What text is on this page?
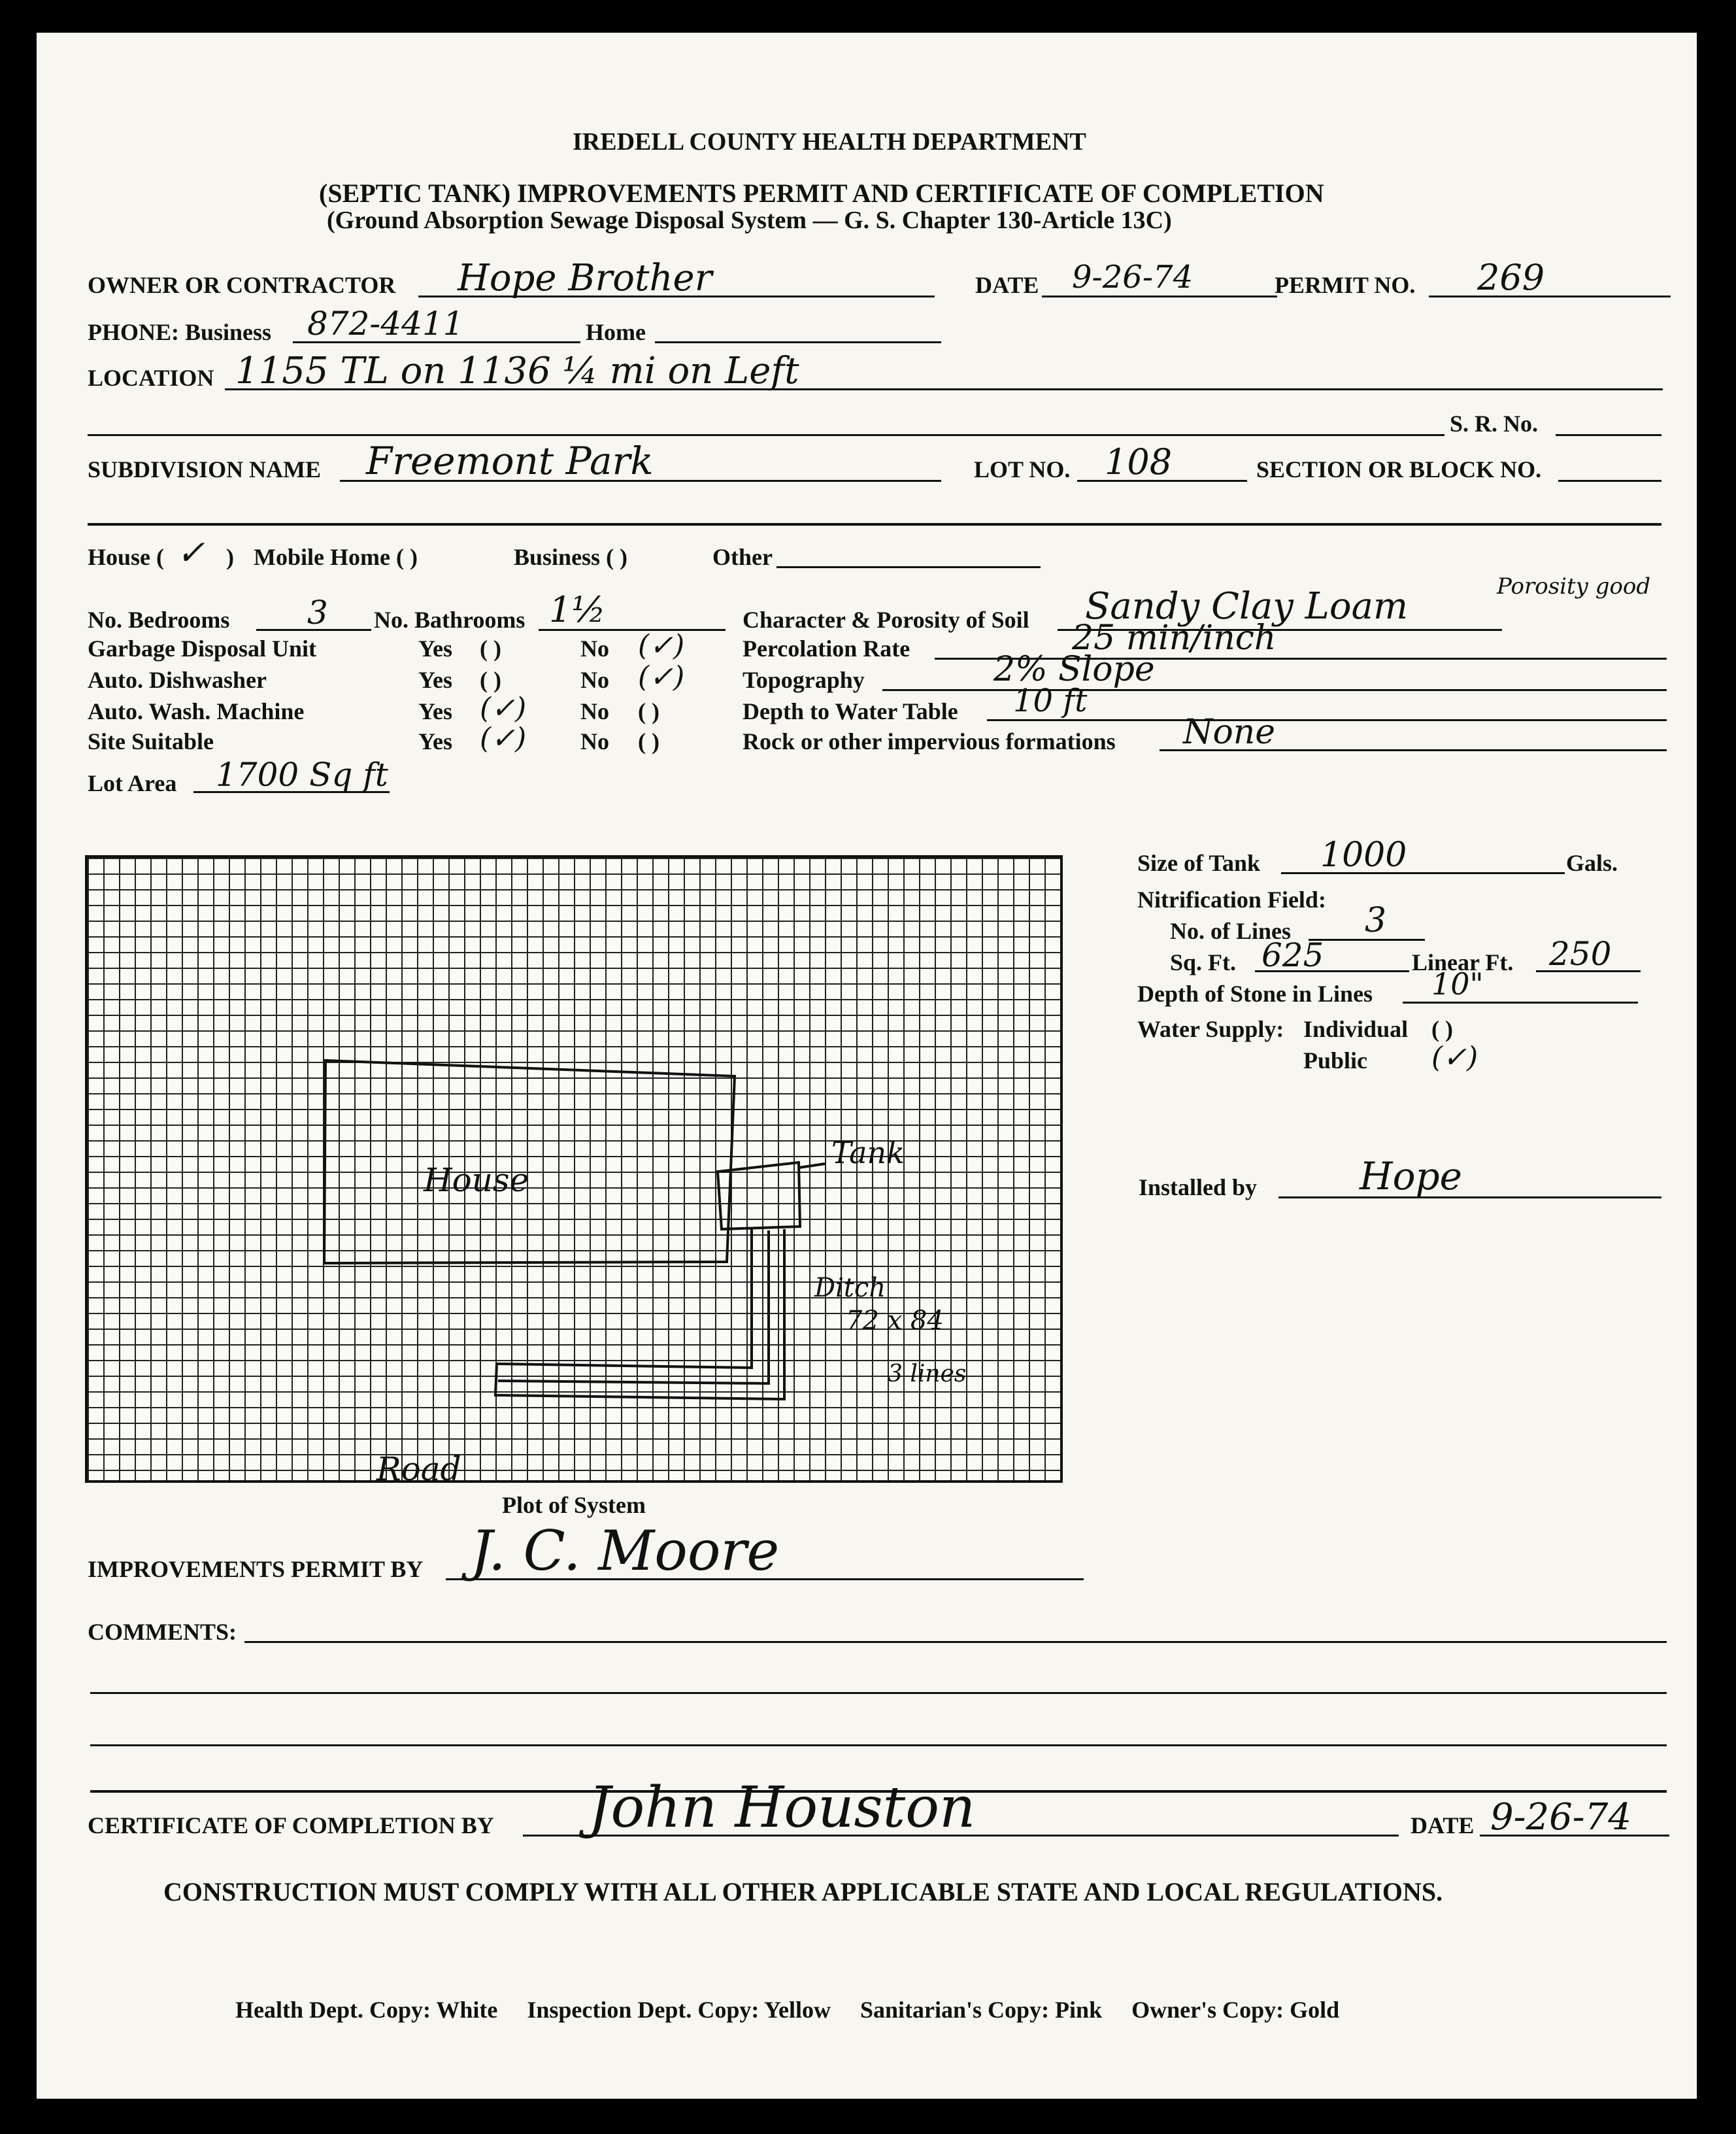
IREDELL COUNTY HEALTH DEPARTMENT
(SEPTIC TANK) IMPROVEMENTS PERMIT AND CERTIFICATE OF COMPLETION
(Ground Absorption Sewage Disposal System — G. S. Chapter 130-Article 13C)
OWNER OR CONTRACTOR Hope Brother	DATE 9-26-74	PERMIT NO. 269
PHONE: Business 872-4411	Home
LOCATION 1155 TL on 1136 ¼ mi on Left
S. R. No.
SUBDIVISION NAME Freemont Park	LOT NO. 108	SECTION OR BLOCK NO.
House ( ✓ ) Mobile Home ( )	Business ( )	Other
No. Bedrooms 3 No. Bathrooms 1½
Garbage Disposal Unit	Yes ( )	No (✓)
Auto. Dishwasher	Yes ( )	No (✓)
Auto. Wash. Machine	Yes (✓) No ( )
Site Suitable	Yes (✓) No ( )
Lot Area 1700 Sq ft
Character & Porosity of Soil Sandy Clay Loam	Porosity good
Percolation Rate	25 min/inch
Topography	2% Slope
Depth to Water Table 10 ft
Rock or other impervious formations None
House
Tank
Ditch
72 x 84
3 lines
Road
Plot of System
Size of Tank 1000	Gals.
Nitrification Field:
No. of Lines 3
Sq. Ft. 625	Linear Ft. 250
Depth of Stone in Lines 10"
Water Supply: Individual ( )
Public (✓)
Installed by	Hope
IMPROVEMENTS PERMIT BY J. C. Moore
COMMENTS:
CERTIFICATE OF COMPLETION BY John Houston	DATE 9-26-74
CONSTRUCTION MUST COMPLY WITH ALL OTHER APPLICABLE STATE AND LOCAL REGULATIONS.
Health Dept. Copy: White     Inspection Dept. Copy: Yellow     Sanitarian's Copy: Pink     Owner's Copy: Gold
